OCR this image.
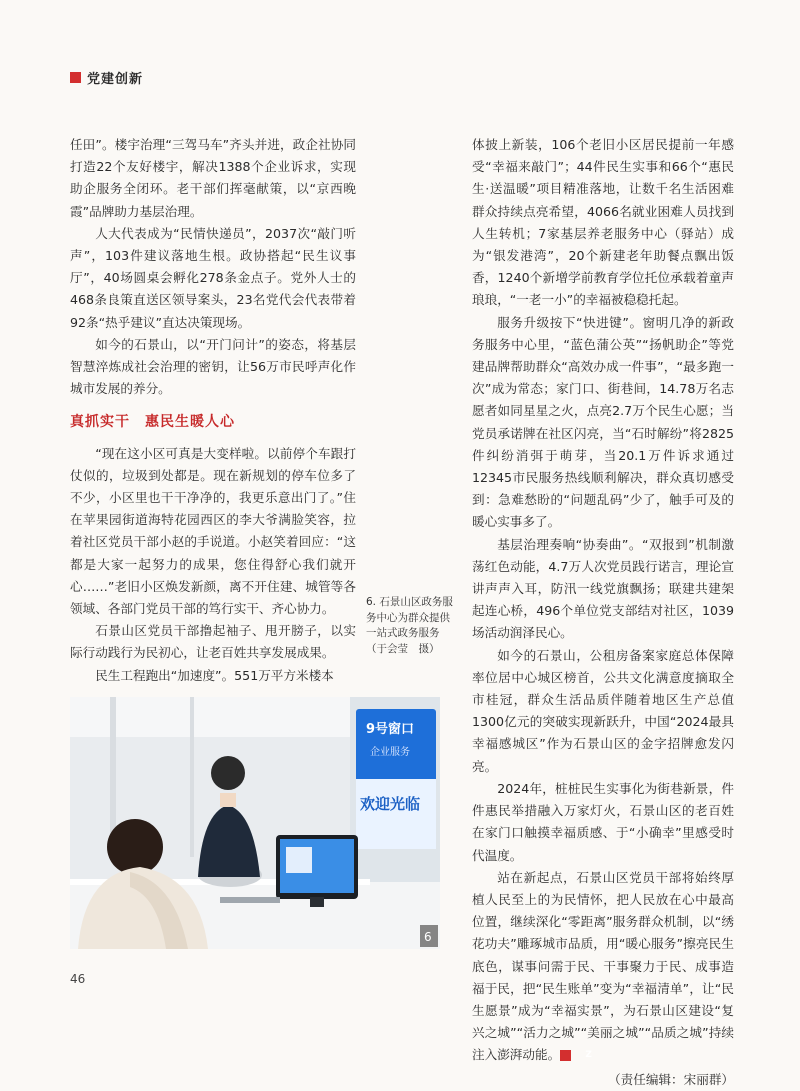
党建创新

任田”。楼宇治理“三驾马车”齐头并进，政企社协同打造22个友好楼宇，解决1388个企业诉求，实现助企服务全闭环。老干部们挥毫献策，以“京西晚霞”品牌助力基层治理。

人大代表成为“民情快递员”，2037次“敲门听声”，103件建议落地生根。政协搭起“民生议事厅”，40场圆桌会孵化278条金点子。党外人士的468条良策直送区领导案头，23名党代会代表带着92条“热乎建议”直达决策现场。

如今的石景山，以“开门问计”的姿态，将基层智慧淬炼成社会治理的密钥，让56万市民呼声化作城市发展的养分。

真抓实干　惠民生暖人心

“现在这小区可真是大变样啦。以前停个车跟打仗似的，垃圾到处都是。现在新规划的停车位多了不少，小区里也干干净净的，我更乐意出门了。”住在苹果园街道海特花园西区的李大爷满脸笑容，拉着社区党员干部小赵的手说道。小赵笑着回应：“这都是大家一起努力的成果，您住得舒心我们就开心……”老旧小区焕发新颜，离不开住建、城管等各领域、各部门党员干部的笃行实干、齐心协力。

石景山区党员干部撸起袖子、甩开膀子，以实际行动践行为民初心，让老百姓共享发展成果。

民生工程跑出“加速度”。551万平方米楼本

6. 石景山区政务服务中心为群众提供一站式政务服务　（于会莹　摄）
9号窗口
企业服务
欢迎光临
6

体披上新装，106个老旧小区居民提前一年感受“幸福来敲门”；44件民生实事和66个“惠民生·送温暖”项目精准落地，让数千名生活困难群众持续点亮希望，4066名就业困难人员找到人生转机；7家基层养老服务中心（驿站）成为“银发港湾”，20个新建老年助餐点飘出饭香，1240个新增学前教育学位托位承载着童声琅琅，“一老一小”的幸福被稳稳托起。

服务升级按下“快进键”。窗明几净的新政务服务中心里，“蓝色蒲公英”“扬帆助企”等党建品牌帮助群众“高效办成一件事”，“最多跑一次”成为常态；家门口、街巷间，14.78万名志愿者如同星星之火，点亮2.7万个民生心愿；当党员承诺牌在社区闪亮，当“石时解纷”将2825件纠纷消弭于萌芽，当20.1万件诉求通过12345市民服务热线顺利解决，群众真切感受到：急难愁盼的“问题乱码”少了，触手可及的暖心实事多了。

基层治理奏响“协奏曲”。“双报到”机制激荡红色动能，4.7万人次党员践行诺言，理论宣讲声声入耳，防汛一线党旗飘扬；联建共建架起连心桥，496个单位党支部结对社区，1039场活动润泽民心。

如今的石景山，公租房备案家庭总体保障率位居中心城区榜首，公共文化满意度摘取全市桂冠，群众生活品质伴随着地区生产总值1300亿元的突破实现新跃升，中国“2024最具幸福感城区”作为石景山区的金字招牌愈发闪亮。

2024年，桩桩民生实事化为街巷新景，件件惠民举措融入万家灯火，石景山区的老百姓在家门口触摸幸福质感、于“小确幸”里感受时代温度。

站在新起点，石景山区党员干部将始终厚植人民至上的为民情怀，把人民放在心中最高位置，继续深化“零距离”服务群众机制，以“绣花功夫”雕琢城市品质，用“暖心服务”擦亮民生底色，谋事问需于民、干事聚力于民、成事造福于民，把“民生账单”变为“幸福清单”，让“民生愿景”成为“幸福实景”，为石景山区建设“复兴之城”“活力之城”“美丽之城”“品质之城”持续注入澎湃动能。	Z

（责任编辑：宋丽群）

46
